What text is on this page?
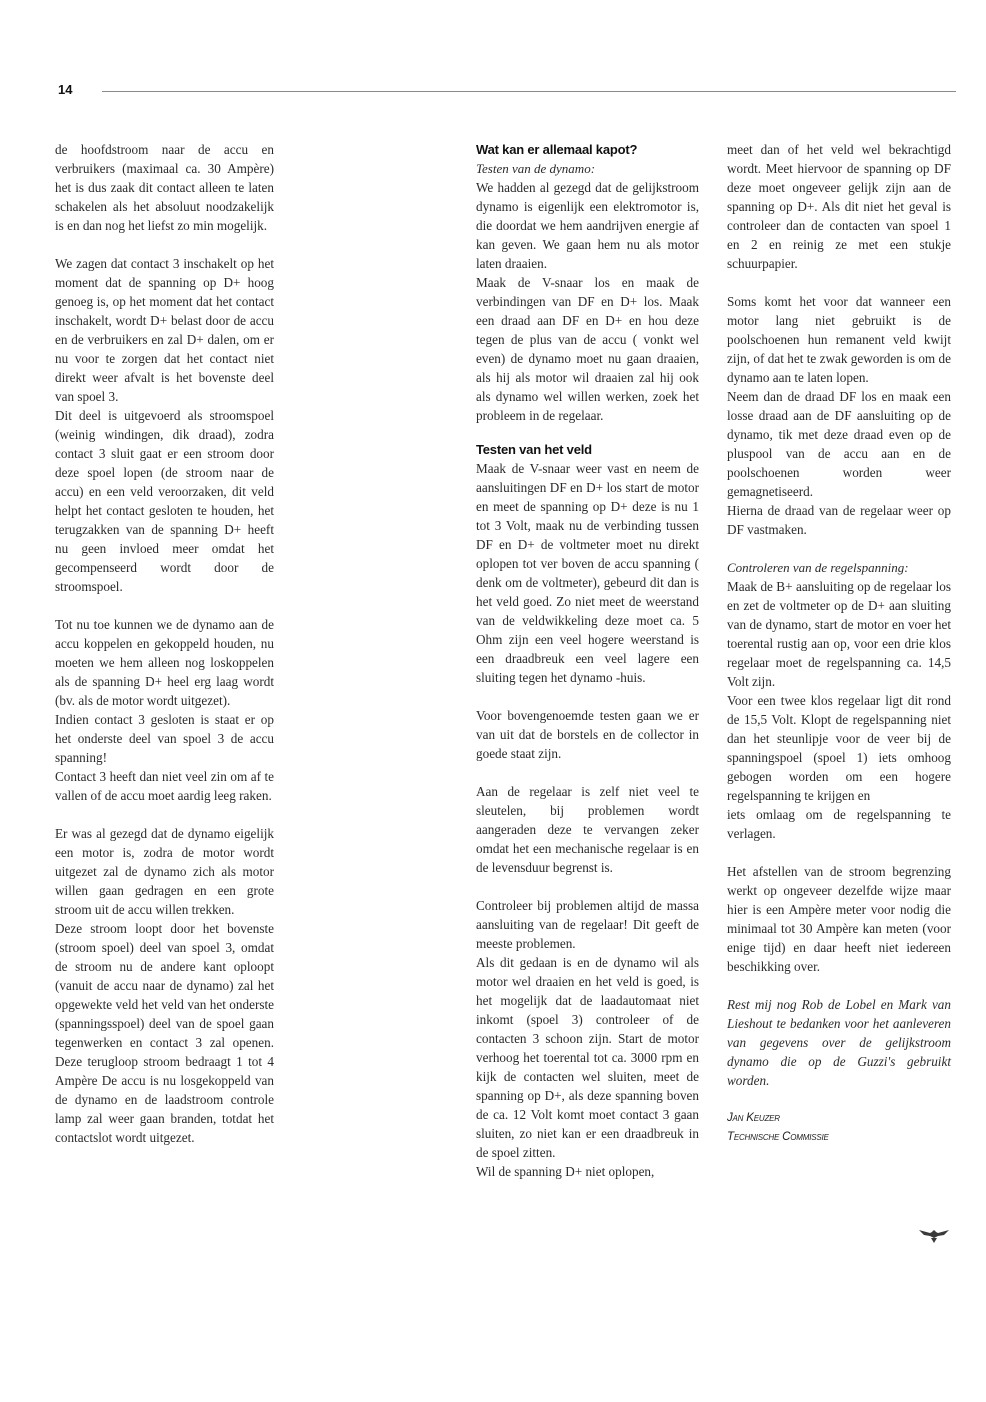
14

de hoofdstroom naar de accu en verbruikers (maximaal ca. 30 Ampère) het is dus zaak dit contact alleen te laten schakelen als het absoluut noodzakelijk is en dan nog het liefst zo min mogelijk.

We zagen dat contact 3 inschakelt op het moment dat de spanning op D+ hoog genoeg is, op het moment dat het contact inschakelt, wordt D+ belast door de accu en de verbruikers en zal D+ dalen, om er nu voor te zorgen dat het contact niet direkt weer afvalt is het bovenste deel van spoel 3.

Dit deel is uitgevoerd als stroomspoel (weinig windingen, dik draad), zodra contact 3 sluit gaat er een stroom door deze spoel lopen (de stroom naar de accu) en een veld veroorzaken, dit veld helpt het contact gesloten te houden, het terugzakken van de spanning D+ heeft nu geen invloed meer omdat het gecompenseerd wordt door de stroomspoel.

Tot nu toe kunnen we de dynamo aan de accu koppelen en gekoppeld houden, nu moeten we hem alleen nog loskoppelen als de spanning D+ heel erg laag wordt (bv. als de motor wordt uitgezet).

Indien contact 3 gesloten is staat er op het onderste deel van spoel 3 de accu spanning!

Contact 3 heeft dan niet veel zin om af te vallen of de accu moet aardig leeg raken.

Er was al gezegd dat de dynamo eigelijk een motor is, zodra de motor wordt uitgezet zal de dynamo zich als motor willen gaan gedragen en een grote stroom uit de accu willen trekken.

Deze stroom loopt door het bovenste (stroom spoel) deel van spoel 3, omdat de stroom nu de andere kant oploopt (vanuit de accu naar de dynamo) zal het opgewekte veld het veld van het onderste (spanningsspoel) deel van de spoel gaan tegenwerken en contact 3 zal openen. Deze terugloop stroom bedraagt 1 tot 4 Ampère De accu is nu losgekoppeld van de dynamo en de laadstroom controle lamp zal weer gaan branden, totdat het contactslot wordt uitgezet.

Wat kan er allemaal kapot?
Testen van de dynamo:

We hadden al gezegd dat de gelijkstroom dynamo is eigenlijk een elektromotor is, die doordat we hem aandrijven energie af kan geven. We gaan hem nu als motor laten draaien.

Maak de V-snaar los en maak de verbindingen van DF en D+ los. Maak een draad aan DF en D+ en hou deze tegen de plus van de accu ( vonkt wel even) de dynamo moet nu gaan draaien, als hij als motor wil draaien zal hij ook als dynamo wel willen werken, zoek het probleem in de regelaar.

Testen van het veld

Maak de V-snaar weer vast en neem de aansluitingen DF en D+ los start de motor en meet de spanning op D+ deze is nu 1 tot 3 Volt, maak nu de verbinding tussen DF en D+ de voltmeter moet nu direkt oplopen tot ver boven de accu spanning ( denk om de voltmeter), gebeurd dit dan is het veld goed. Zo niet meet de weerstand van de veldwikkeling deze moet ca. 5 Ohm zijn een veel hogere weerstand is een draadbreuk een veel lagere een sluiting tegen het dynamo -huis.

Voor bovengenoemde testen gaan we er van uit dat de borstels en de collector in goede staat zijn.

Aan de regelaar is zelf niet veel te sleutelen, bij problemen wordt aangeraden deze te vervangen zeker omdat het een mechanische regelaar is en de levensduur begrenst is.

Controleer bij problemen altijd de massa aansluiting van de regelaar! Dit geeft de meeste problemen.

Als dit gedaan is en de dynamo wil als motor wel draaien en het veld is goed, is het mogelijk dat de laadautomaat niet inkomt (spoel 3) controleer of de contacten 3 schoon zijn. Start de motor verhoog het toerental tot ca. 3000 rpm en kijk de contacten wel sluiten, meet de spanning op D+, als deze spanning boven de ca. 12 Volt komt moet contact 3 gaan sluiten, zo niet kan er een draadbreuk in de spoel zitten.

Wil de spanning D+ niet oplopen,

meet dan of het veld wel bekrachtigd wordt. Meet hiervoor de spanning op DF deze moet ongeveer gelijk zijn aan de spanning op D+. Als dit niet het geval is controleer dan de contacten van spoel 1 en 2 en reinig ze met een stukje schuurpapier.

Soms komt het voor dat wanneer een motor lang niet gebruikt is de poolschoenen hun remanent veld kwijt zijn, of dat het te zwak geworden is om de dynamo aan te laten lopen.

Neem dan de draad DF los en maak een losse draad aan de DF aansluiting op de dynamo, tik met deze draad even op de pluspool van de accu aan en de poolschoenen worden weer gemagnetiseerd.

Hierna de draad van de regelaar weer op DF vastmaken.

Controleren van de regelspanning:

Maak de B+ aansluiting op de regelaar los en zet de voltmeter op de D+ aan sluiting van de dynamo, start de motor en voer het toerental rustig aan op, voor een drie klos regelaar moet de regelspanning ca. 14,5 Volt zijn.

Voor een twee klos regelaar ligt dit rond de 15,5 Volt. Klopt de regelspanning niet dan het steunlipje voor de veer bij de spanningspoel (spoel 1) iets omhoog gebogen worden om een hogere regelspanning te krijgen en

iets omlaag om de regelspanning te verlagen.

Het afstellen van de stroom begrenzing werkt op ongeveer dezelfde wijze maar hier is een Ampère meter voor nodig die minimaal tot 30 Ampère kan meten (voor enige tijd) en daar heeft niet iedereen beschikking over.

Rest mij nog Rob de Lobel en Mark van Lieshout te bedanken voor het aanleveren van gegevens over de gelijkstroom dynamo die op de Guzzi's gebruikt worden.

Jan Keuzer
Technische Commissie
